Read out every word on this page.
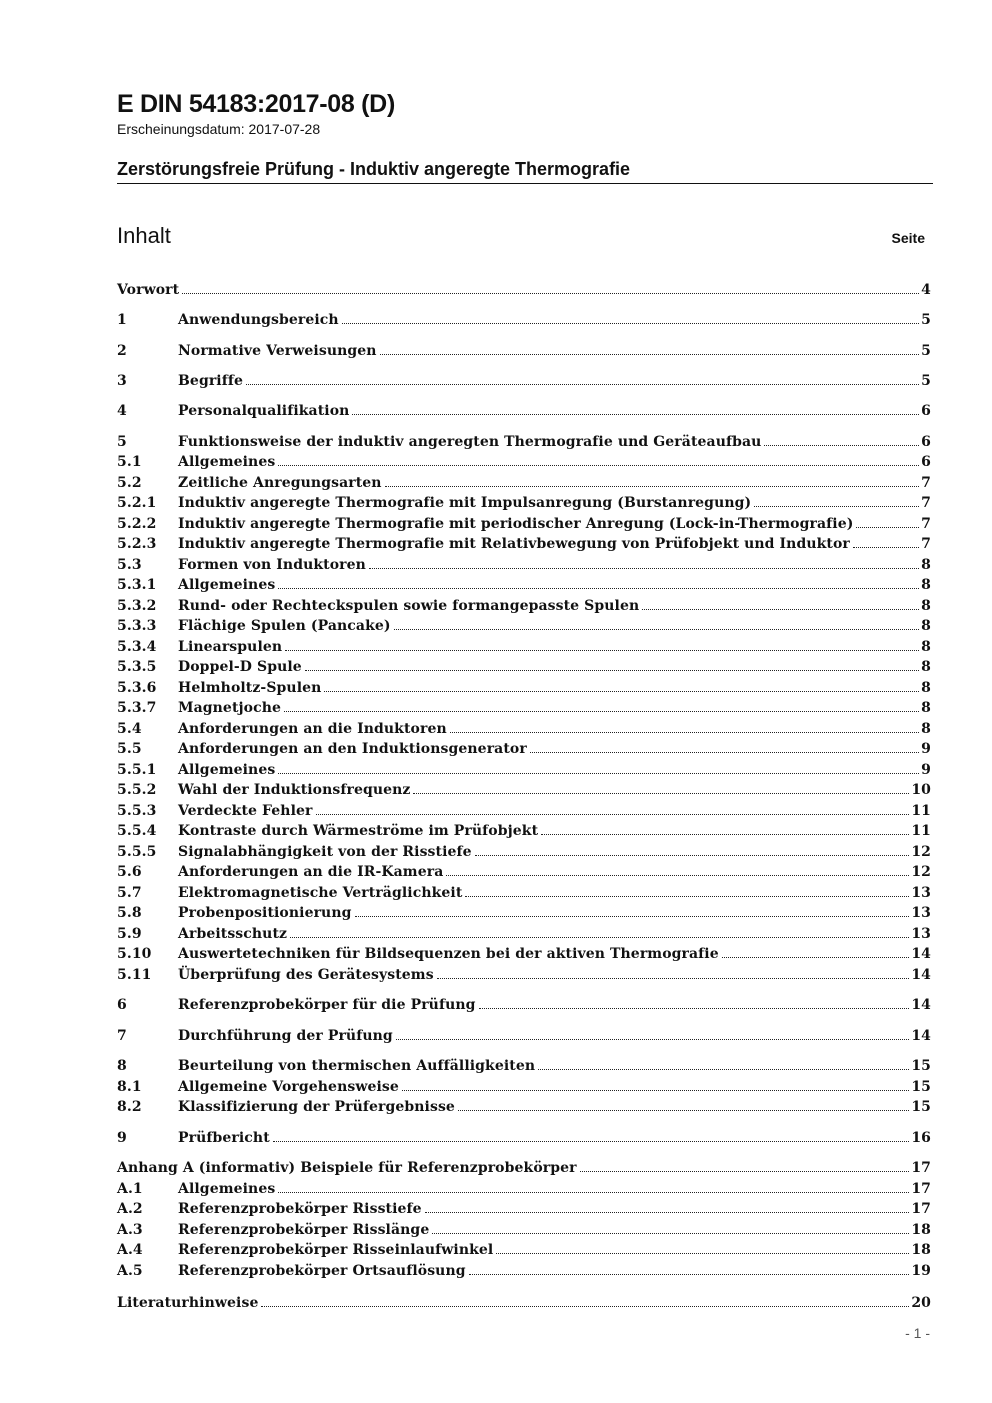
E DIN 54183:2017-08 (D)
Erscheinungsdatum: 2017-07-28
Zerstörungsfreie Prüfung - Induktiv angeregte Thermografie
Inhalt	Seite
Vorwort	4
1	Anwendungsbereich	5
2	Normative Verweisungen	5
3	Begriffe	5
4	Personalqualifikation	6
5	Funktionsweise der induktiv angeregten Thermografie und Geräteaufbau	6
5.1	Allgemeines	6
5.2	Zeitliche Anregungsarten	7
5.2.1 Induktiv angeregte Thermografie mit Impulsanregung (Burstanregung)	7
5.2.2 Induktiv angeregte Thermografie mit periodischer Anregung (Lock-in-Thermografie)	7
5.2.3 Induktiv angeregte Thermografie mit Relativbewegung von Prüfobjekt und Induktor	7
5.3	Formen von Induktoren	8
5.3.1 Allgemeines	8
5.3.2 Rund- oder Rechteckspulen sowie formangepasste Spulen	8
5.3.3 Flächige Spulen (Pancake)	8
5.3.4 Linearspulen	8
5.3.5 Doppel-D Spule	8
5.3.6 Helmholtz-Spulen	8
5.3.7 Magnetjoche	8
5.4	Anforderungen an die Induktoren	8
5.5	Anforderungen an den Induktionsgenerator	9
5.5.1 Allgemeines	9
5.5.2 Wahl der Induktionsfrequenz	10
5.5.3 Verdeckte Fehler	11
5.5.4 Kontraste durch Wärmeströme im Prüfobjekt	11
5.5.5 Signalabhängigkeit von der Risstiefe	12
5.6	Anforderungen an die IR-Kamera	12
5.7	Elektromagnetische Verträglichkeit	13
5.8	Probenpositionierung	13
5.9	Arbeitsschutz	13
5.10 Auswertetechniken für Bildsequenzen bei der aktiven Thermografie	14
5.11 Überprüfung des Gerätesystems	14
6	Referenzprobekörper für die Prüfung	14
7	Durchführung der Prüfung	14
8	Beurteilung von thermischen Auffälligkeiten	15
8.1	Allgemeine Vorgehensweise	15
8.2	Klassifizierung der Prüfergebnisse	15
9	Prüfbericht	16
Anhang A (informativ) Beispiele für Referenzprobekörper	17
A.1	Allgemeines	17
A.2	Referenzprobekörper Risstiefe	17
A.3	Referenzprobekörper Risslänge	18
A.4	Referenzprobekörper Risseinlaufwinkel	18
A.5	Referenzprobekörper Ortsauflösung	19
Literaturhinweise	20
- 1 -
